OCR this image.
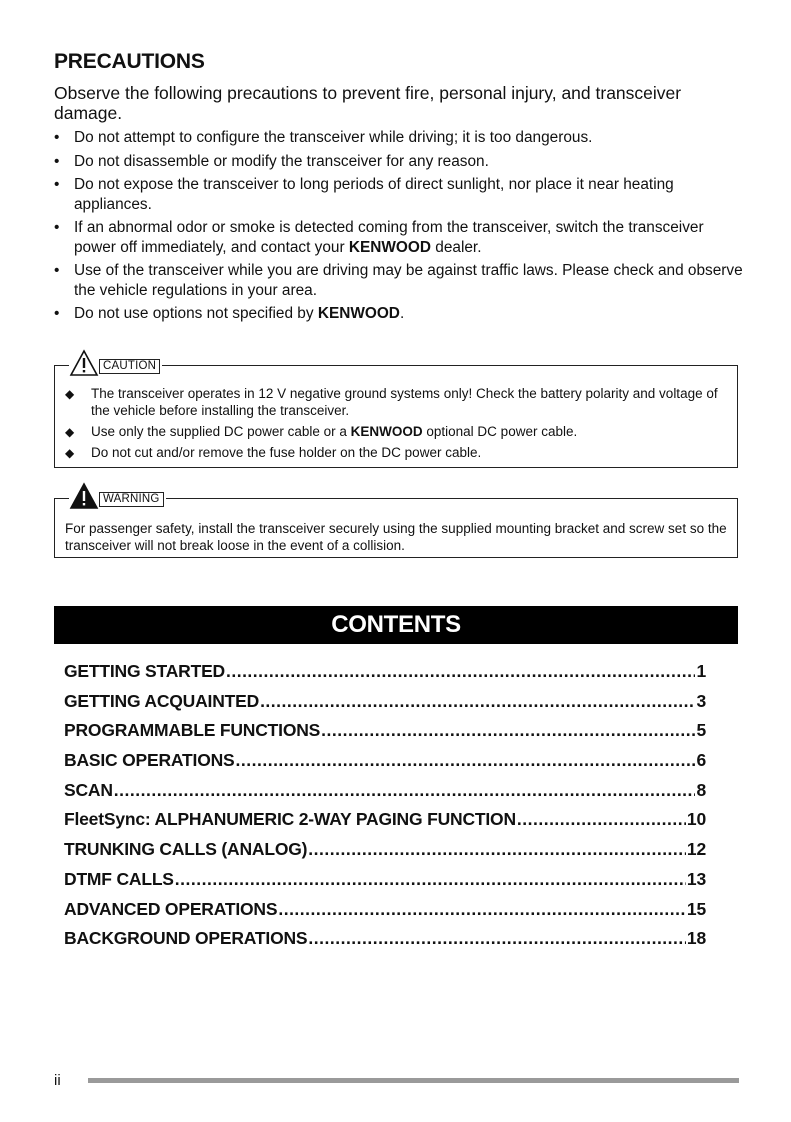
PRECAUTIONS

Observe the following precautions to prevent fire, personal injury, and transceiver damage.

• Do not attempt to configure the transceiver while driving; it is too dangerous.
• Do not disassemble or modify the transceiver for any reason.
• Do not expose the transceiver to long periods of direct sunlight, nor place it near heating appliances.
• If an abnormal odor or smoke is detected coming from the transceiver, switch the transceiver power off immediately, and contact your KENWOOD dealer.
• Use of the transceiver while you are driving may be against traffic laws. Please check and observe the vehicle regulations in your area.
• Do not use options not specified by KENWOOD.
CAUTION
◆ The transceiver operates in 12 V negative ground systems only! Check the battery polarity and voltage of the vehicle before installing the transceiver.
◆ Use only the supplied DC power cable or a KENWOOD optional DC power cable.
◆ Do not cut and/or remove the fuse holder on the DC power cable.
WARNING

For passenger safety, install the transceiver securely using the supplied mounting bracket and screw set so the transceiver will not break loose in the event of a collision.

CONTENTS
GETTING STARTED .....	1
GETTING ACQUAINTED .....	3
PROGRAMMABLE FUNCTIONS .....	5
BASIC OPERATIONS .....	6
SCAN .....	8
FleetSync: ALPHANUMERIC 2-WAY PAGING FUNCTION .....	10
TRUNKING CALLS (ANALOG) .....	12
DTMF CALLS .....	13
ADVANCED OPERATIONS .....	15
BACKGROUND OPERATIONS .....	18
ii
